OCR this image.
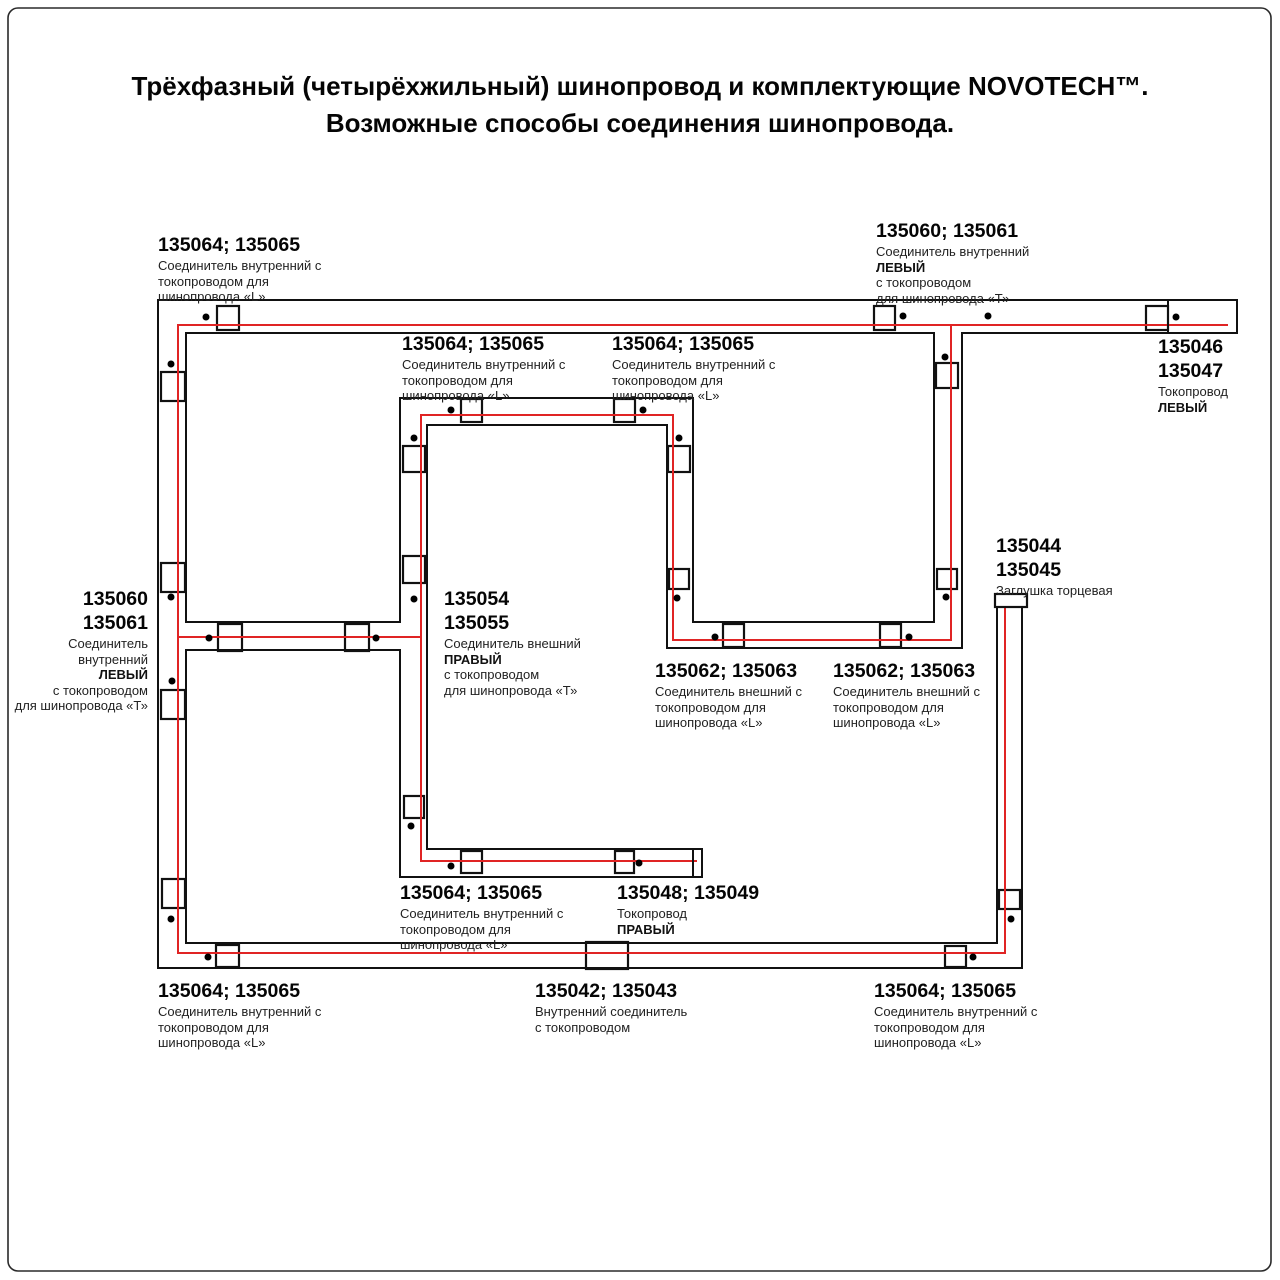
Трёхфазный (четырёхжильный) шинопровод и комплектующие NOVOTECH™.
Возможные способы соединения шинопровода.
135064; 135065
Соединитель внутренний с
токопроводом для
шинопровода «L»
135060; 135061
Соединитель внутренний
ЛЕВЫЙ
с токопроводом
для шинопровода «Т»
135046
135047
Токопровод
ЛЕВЫЙ
135064; 135065
Соединитель внутренний с
токопроводом для
шинопровода «L»
135064; 135065
Соединитель внутренний с
токопроводом для
шинопровода «L»
135060
135061
Соединитель внутренний
ЛЕВЫЙ
с токопроводом
для шинопровода «Т»
135054
135055
Соединитель внешний
ПРАВЫЙ
с токопроводом
для шинопровода «Т»
135062; 135063
Соединитель внешний с
токопроводом для
шинопровода «L»
135062; 135063
Соединитель внешний с
токопроводом для
шинопровода «L»
135044
135045
Заглушка торцевая
135064; 135065
Соединитель внутренний с
токопроводом для
шинопровода «L»
135048; 135049
Токопровод
ПРАВЫЙ
135064; 135065
Соединитель внутренний с
токопроводом для
шинопровода «L»
135042; 135043
Внутренний соединитель
с токопроводом
135064; 135065
Соединитель внутренний с
токопроводом для
шинопровода «L»
